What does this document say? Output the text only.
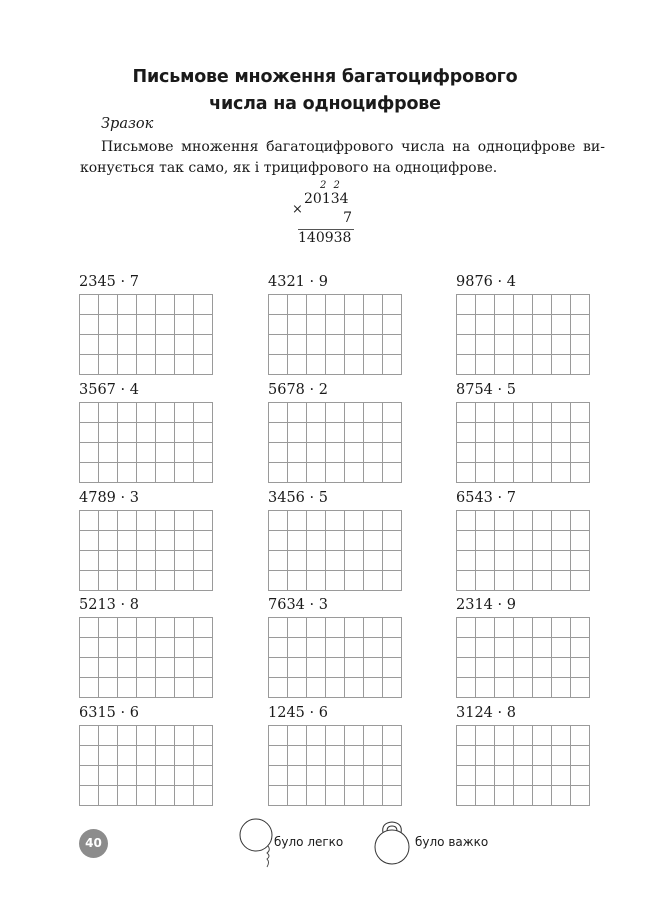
Письмове множення багатоцифрового
числа на одноцифрове
Зразок
Письмове множення багатоцифрового числа на одноцифрове ви-
конується так само, як і трицифрового на одноцифрове.
2 2
×
20134
7
140938
2345 · 7	4321 · 9	9876 · 4
3567 · 4	5678 · 2	8754 · 5
4789 · 3	3456 · 5	6543 · 7
5213 · 8	7634 · 3	2314 · 9
6315 · 6	1245 · 6	3124 · 8
40	було легко	було важко
